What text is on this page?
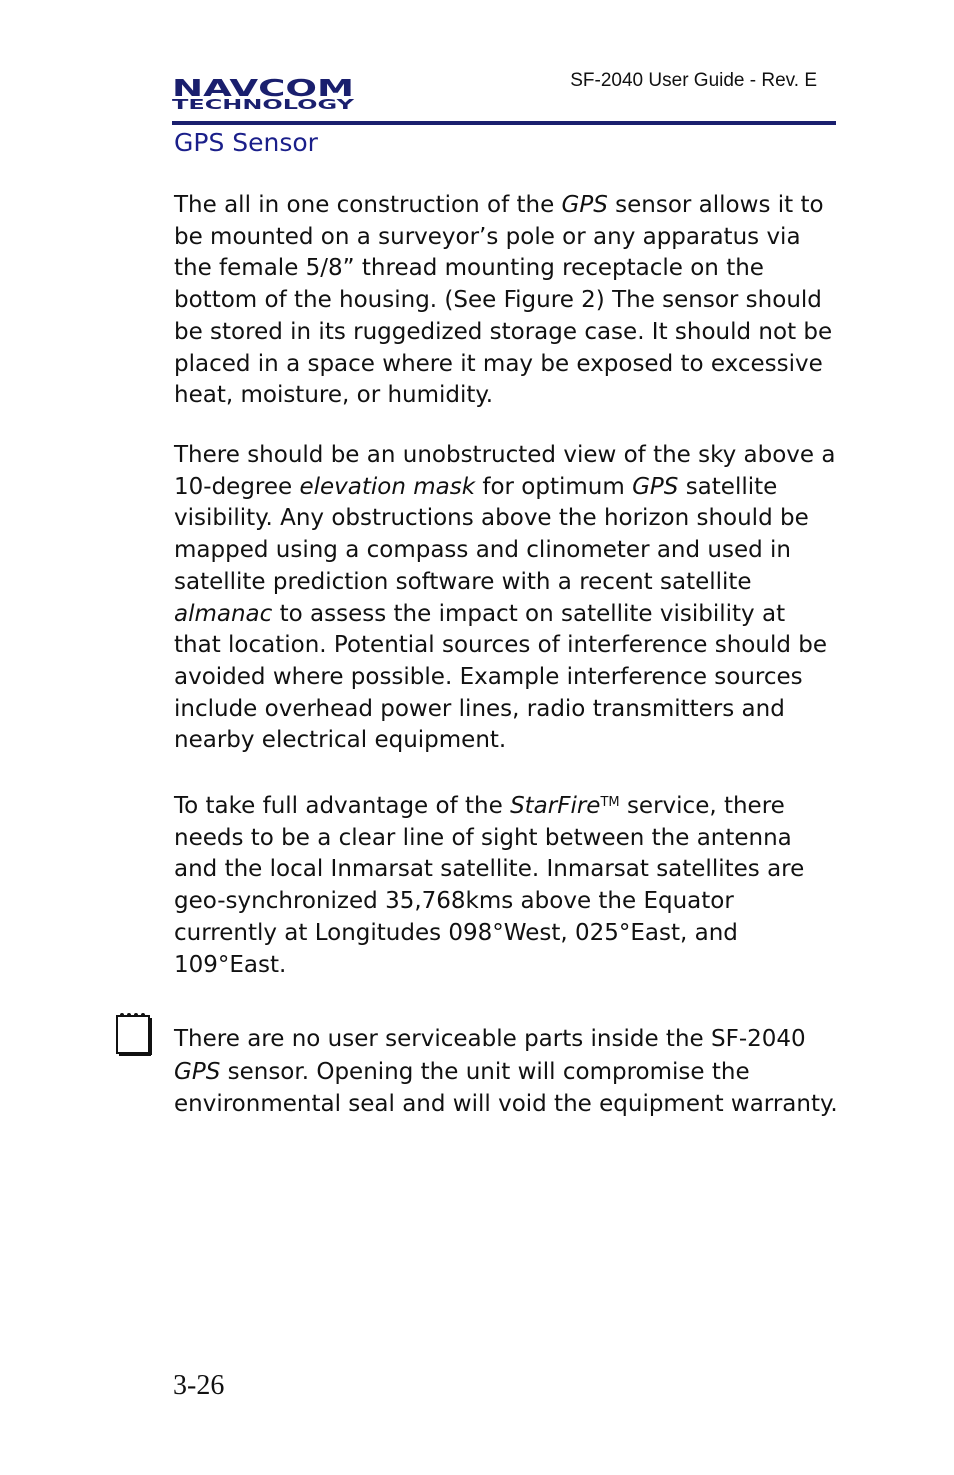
NAVCOM
TECHNOLOGY
SF-2040 User Guide - Rev. E
GPS Sensor
The all in one construction of the GPS sensor allows it to be mounted on a surveyor’s pole or any apparatus via the female 5/8” thread mounting receptacle on the bottom of the housing. (See Figure 2) The sensor should be stored in its ruggedized storage case. It should not be placed in a space where it may be exposed to excessive heat, moisture, or humidity.
There should be an unobstructed view of the sky above a 10-degree elevation mask for optimum GPS satellite visibility. Any obstructions above the horizon should be mapped using a compass and clinometer and used in satellite prediction software with a recent satellite almanac to assess the impact on satellite visibility at that location. Potential sources of interference should be avoided where possible. Example interference sources include overhead power lines, radio transmitters and nearby electrical equipment.
To take full advantage of the StarFire™ service, there needs to be a clear line of sight between the antenna and the local Inmarsat satellite. Inmarsat satellites are geo-synchronized 35,768kms above the Equator currently at Longitudes 098°West, 025°East, and 109°East.
There are no user serviceable parts inside the SF-2040 GPS sensor. Opening the unit will compromise the environmental seal and will void the equipment warranty.
3-26
